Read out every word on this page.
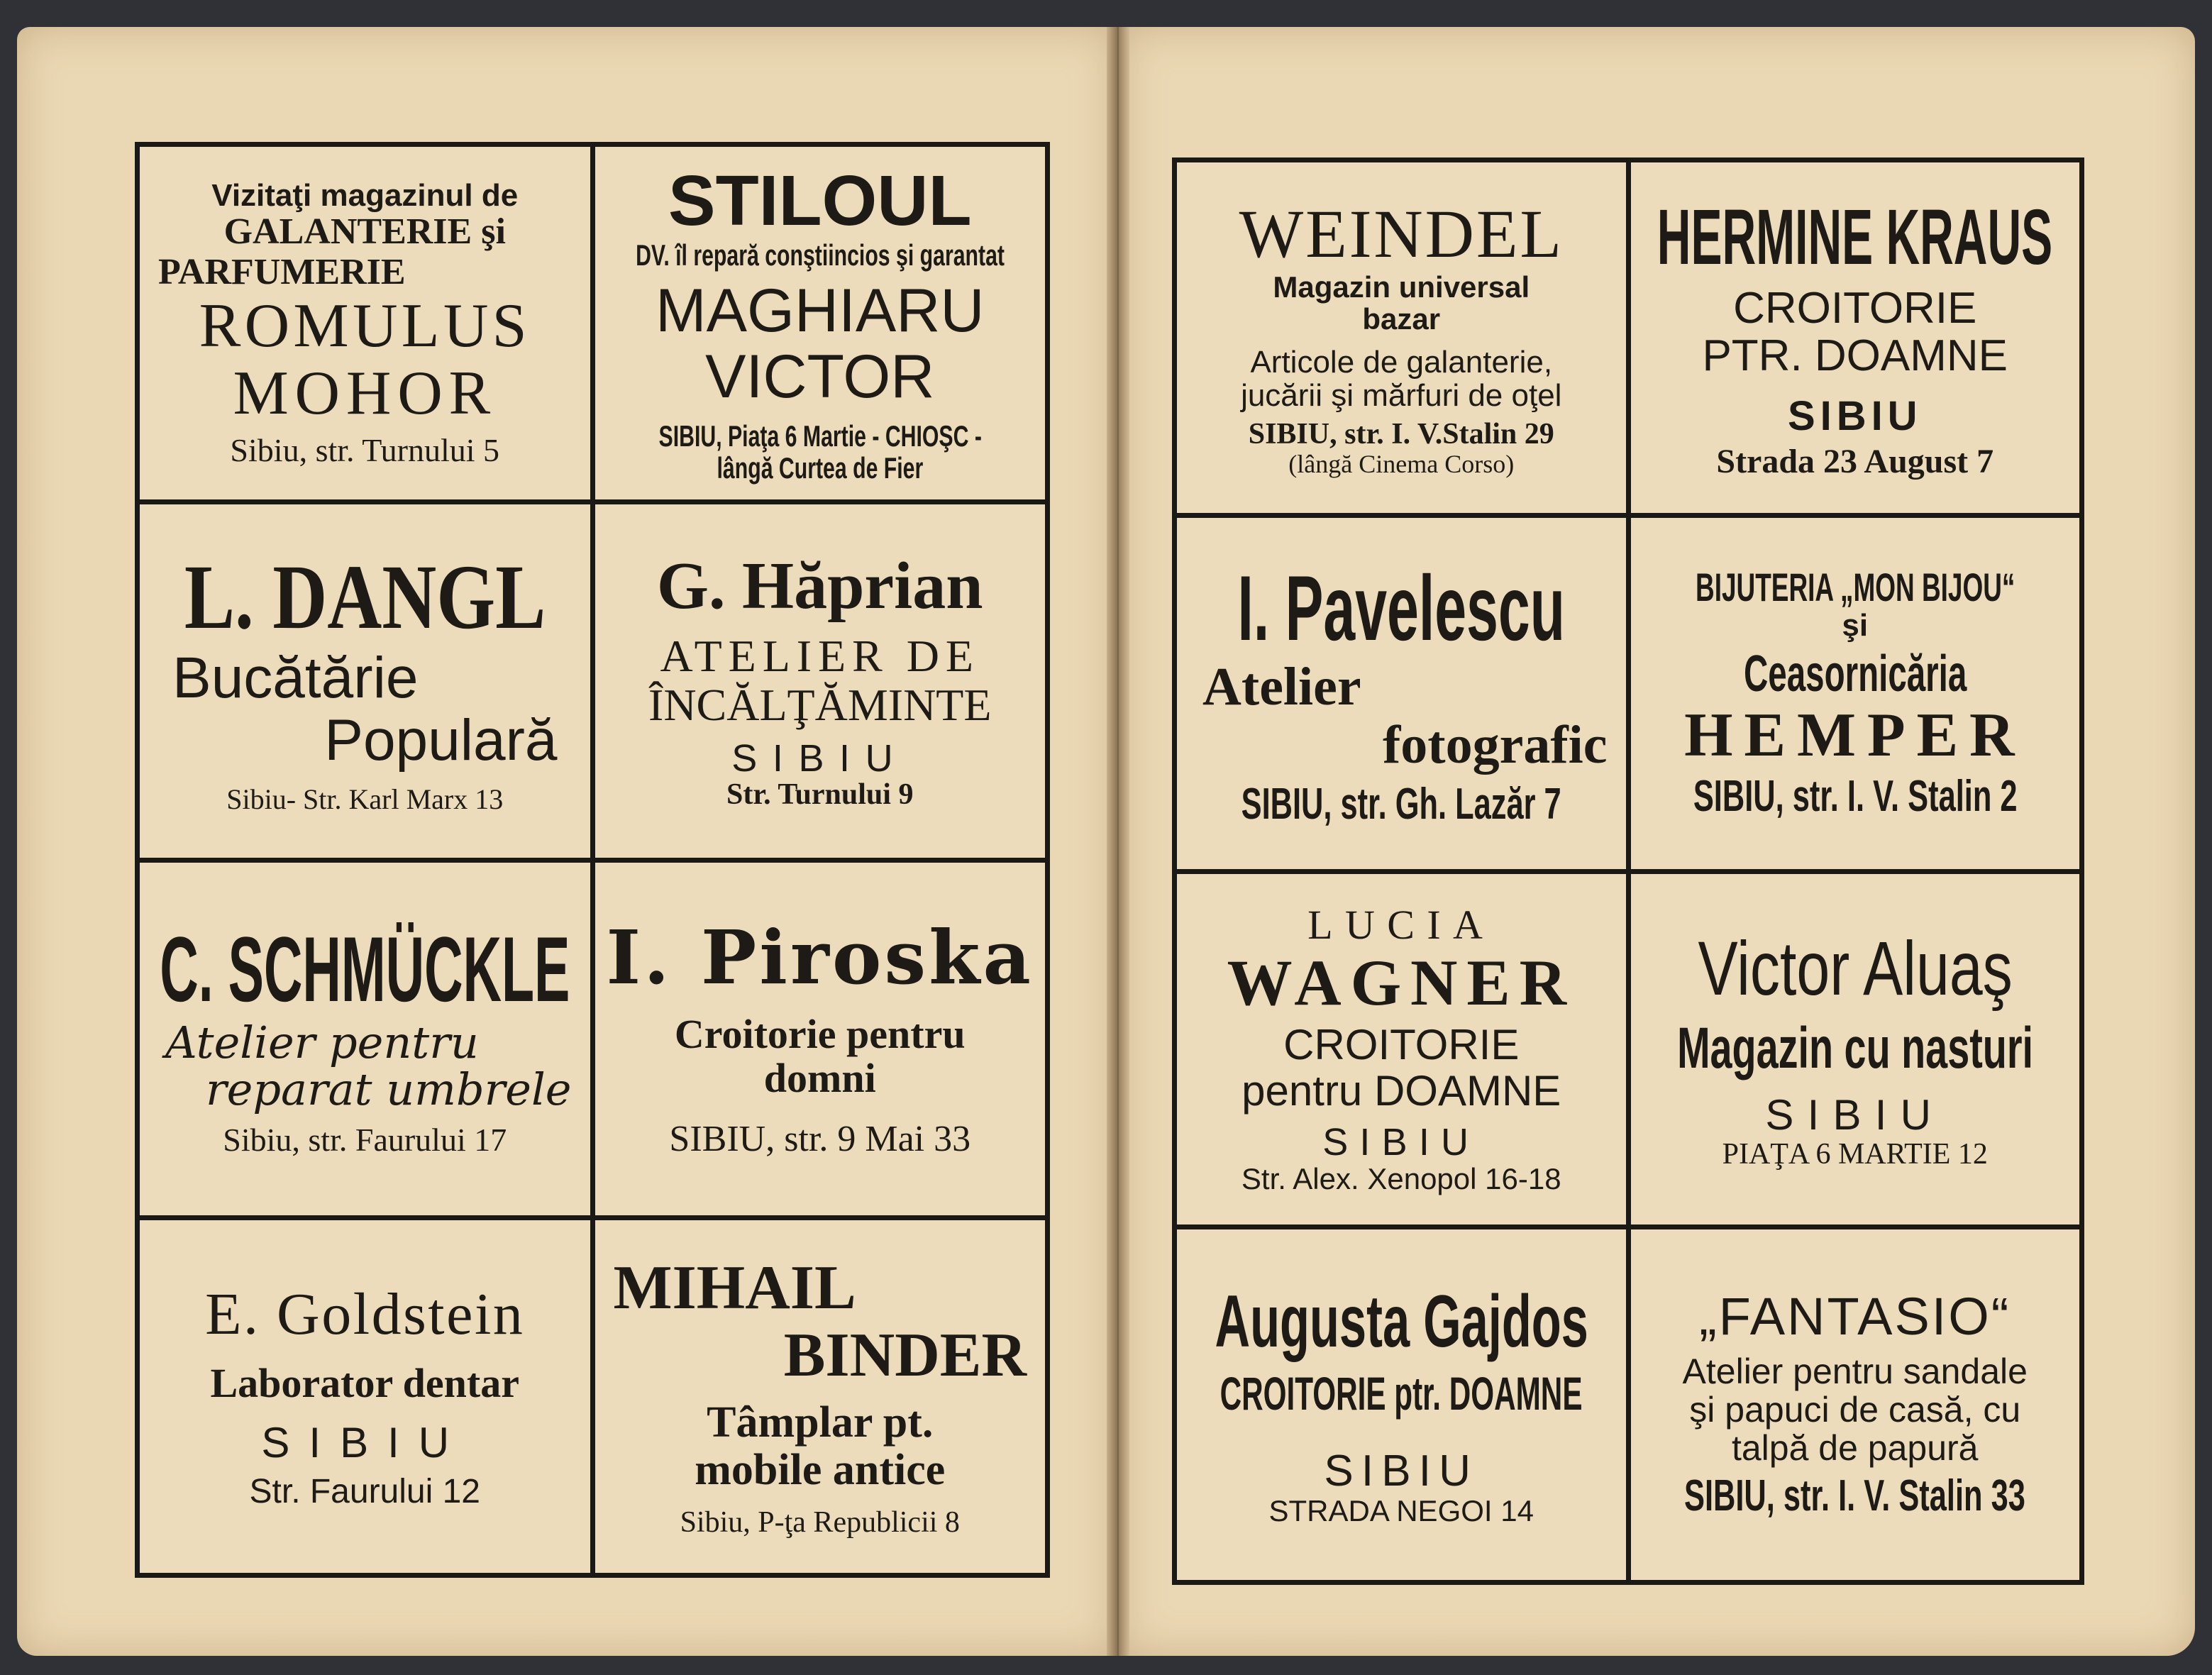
Vizitaţi magazinul de
GALANTERIE şi
PARFUMERIE
ROMULUS
MOHOR
Sibiu, str. Turnului 5
STILOUL
DV. îl repară conştiincios şi garantat
MAGHIARU
VICTOR
SIBIU, Piaţa 6 Martie - CHIOŞC -
lângă Curtea de Fier
L. DANGL
Bucătărie
Populară
Sibiu- Str. Karl Marx 13
G. Hăprian
ATELIER DE
ÎNCĂLŢĂMINTE
SIBIU
Str. Turnului 9
C. SCHMÜCKLE
Atelier pentru
reparat umbrele
Sibiu, str. Faurului 17
I. Piroska
Croitorie pentru
domni
SIBIU, str. 9 Mai 33
E. Goldstein
Laborator dentar
SIBIU
Str. Faurului 12
MIHAIL
BINDER
Tâmplar pt.
mobile antice
Sibiu, P-ţa Republicii 8
WEINDEL
Magazin universal
bazar
Articole de galanterie,
jucării şi mărfuri de oţel
SIBIU, str. I. V.Stalin 29
(lângă Cinema Corso)
HERMINE KRAUS
CROITORIE
PTR. DOAMNE
SIBIU
Strada 23 August 7
I. Pavelescu
Atelier
fotografic
SIBIU, str. Gh. Lazăr 7
BIJUTERIA „MON BIJOU“
şi
Ceasornicăria
HEMPER
SIBIU, str. I. V. Stalin 2
LUCIA
WAGNER
CROITORIE
pentru DOAMNE
SIBIU
Str. Alex. Xenopol 16-18
Victor Aluaş
Magazin cu nasturi
SIBIU
PIAŢA 6 MARTIE 12
Augusta Gajdos
CROITORIE ptr. DOAMNE
SIBIU
STRADA NEGOI 14
„FANTASIO“
Atelier pentru sandale
şi papuci de casă, cu
talpă de papură
SIBIU, str. I. V. Stalin 33
